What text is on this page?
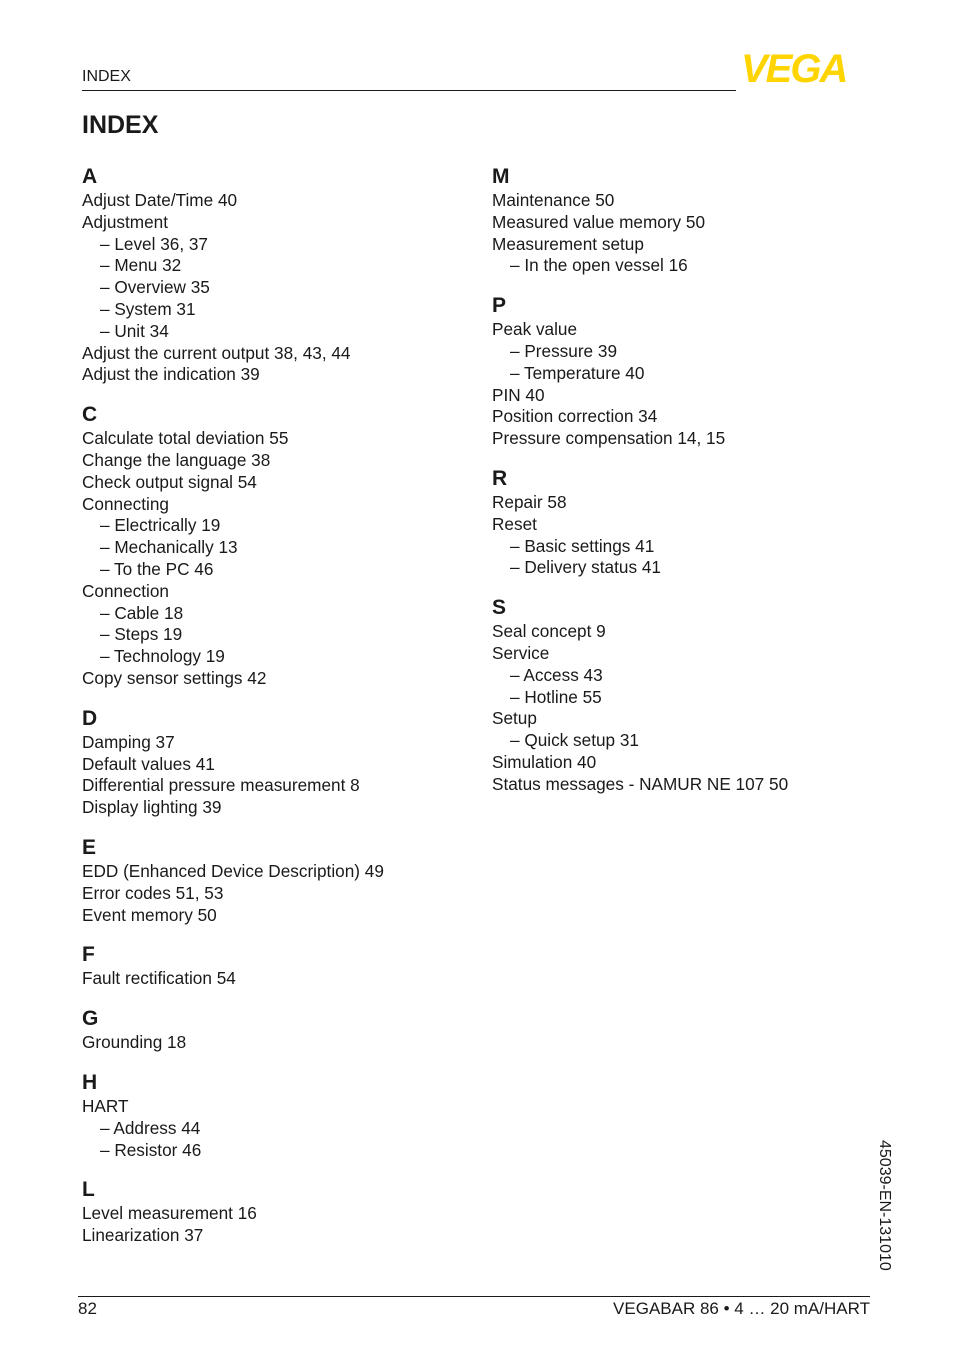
INDEX	VEGA
INDEX
A
Adjust Date/Time 40
Adjustment
– Level 36, 37
– Menu 32
– Overview 35
– System 31
– Unit 34
Adjust the current output 38, 43, 44
Adjust the indication 39
C
Calculate total deviation 55
Change the language 38
Check output signal 54
Connecting
– Electrically 19
– Mechanically 13
– To the PC 46
Connection
– Cable 18
– Steps 19
– Technology 19
Copy sensor settings 42
D
Damping 37
Default values 41
Differential pressure measurement 8
Display lighting 39
E
EDD (Enhanced Device Description) 49
Error codes 51, 53
Event memory 50
F
Fault rectification 54
G
Grounding 18
H
HART
– Address 44
– Resistor 46
L
Level measurement 16
Linearization 37
M
Maintenance 50
Measured value memory 50
Measurement setup
– In the open vessel 16
P
Peak value
– Pressure 39
– Temperature 40
PIN 40
Position correction 34
Pressure compensation 14, 15
R
Repair 58
Reset
– Basic settings 41
– Delivery status 41
S
Seal concept 9
Service
– Access 43
– Hotline 55
Setup
– Quick setup 31
Simulation 40
Status messages - NAMUR NE 107 50
82	VEGABAR 86 • 4 … 20 mA/HART
45039-EN-131010
